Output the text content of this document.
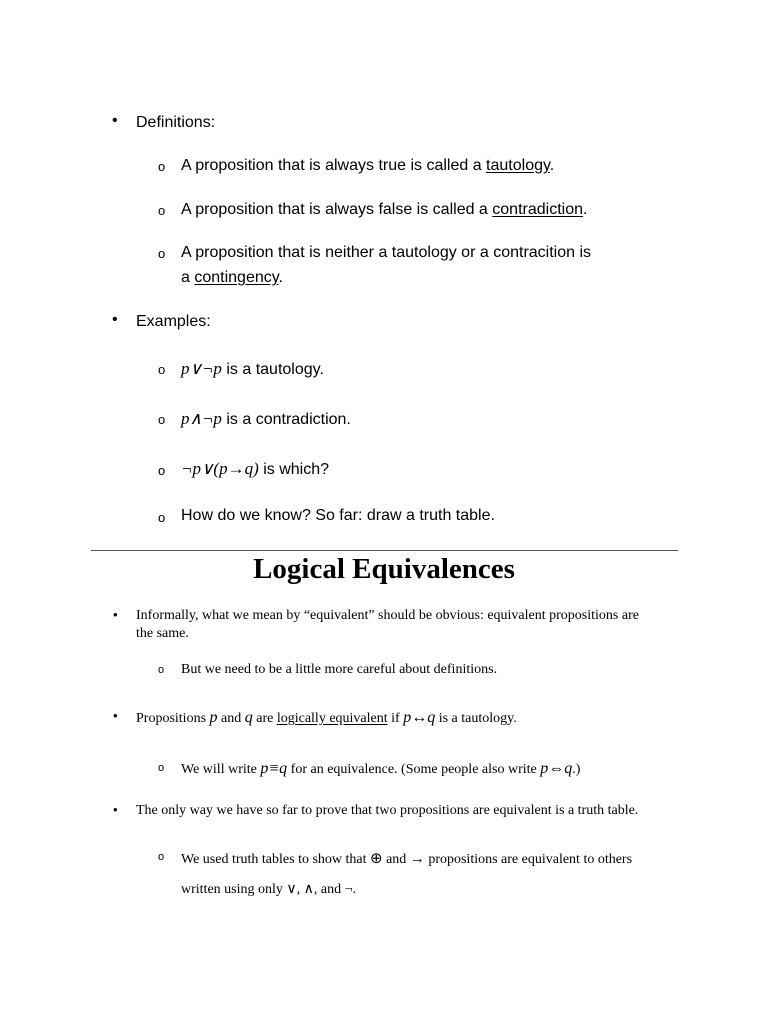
• Definitions:
o A proposition that is always true is called a tautology.
o A proposition that is always false is called a contradiction.
o A proposition that is neither a tautology or a contracition is
a contingency.
• Examples:
o p∨¬p is a tautology.
o p∧¬p is a contradiction.
o ¬p∨(p→q) is which?
o How do we know? So far: draw a truth table.
Logical Equivalences
• Informally, what we mean by “equivalent” should be obvious: equivalent propositions are
the same.
o But we need to be a little more careful about definitions.
• Propositions p and q are logically equivalent if p↔q is a tautology.
o We will write p≡q for an equivalence. (Some people also write p⇔q.)
• The only way we have so far to prove that two propositions are equivalent is a truth table.
o We used truth tables to show that ⊕ and → propositions are equivalent to others
written using only ∨, ∧, and ¬.
